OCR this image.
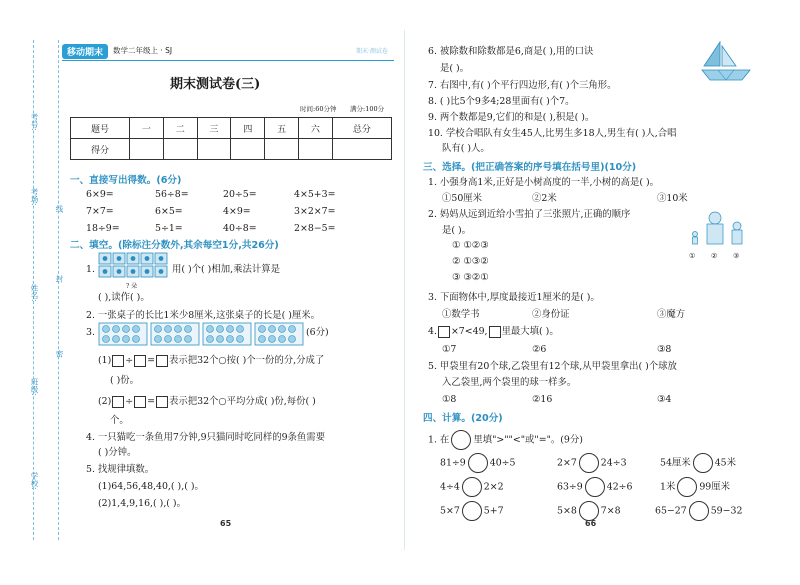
移动期末	数学二年级上 · SJ	期末·测试卷
考号:
考场:
姓名:
班级:
学校:
线
封
密
期末测试卷(三)
时间:60分钟 满分:100分
题号	一	二	三	四	五	六	总分
得分							
一、直接写出得数。(6分)
6×9=	56÷8=	20÷5=	4×5+3=
7×7=	6×5=	4×9=	3×2×7=
18÷9=	5÷1=	40÷8=	2×8−5=
二、填空。(除标注分数外,其余每空1分,共26分)
1.
? 朵
用( )个( )相加,乘法计算是
( ),读作( )。
2. 一张桌子的长比1米少8厘米,这张桌子的长是( )厘米。
3.	(6分)
(1) ÷ = 表示把32个○按( )个一份的分,分成了
( )份。
(2) ÷ = 表示把32个○平均分成( )份,每份( )
个。
4. 一只猫吃一条鱼用7分钟,9只猫同时吃同样的9条鱼需要
( )分钟。
5. 找规律填数。
(1)64,56,48,40,( ),( )。
(2)1,4,9,16,( ),( )。
65
6. 被除数和除数都是6,商是( ),用的口诀
是( )。
7. 右图中,有( )个平行四边形,有( )个三角形。
8. ( )比5个9多4;28里面有( )个7。
9. 两个数都是9,它们的和是( ),积是( )。
10. 学校合唱队有女生45人,比男生多18人,男生有( )人,合唱
队有( )人。
三、选择。(把正确答案的序号填在括号里)(10分)
1. 小强身高1米,正好是小树高度的一半,小树的高是( )。
①50厘米	②2米	③10米
2. 妈妈从远到近给小雪拍了三张照片,正确的顺序
是( )。
① ①②③
② ①③②
③ ③②①
① ② ③
3. 下面物体中,厚度最接近1厘米的是( )。
①数学书	②身份证	③魔方
4. ×7<49, 里最大填( )。
①7	②6	③8
5. 甲袋里有20个球,乙袋里有12个球,从甲袋里拿出( )个球放
入乙袋里,两个袋里的球一样多。
①8	②16	③4
四、计算。(20分)
1. 在	里填">""<"或"="。(9分)
81÷9	40÷5	2×7	24÷3	54厘米	45米
4÷4	2×2	63÷9	42÷6	1米	99厘米
5×7	5+7	5×8	7×8	65−27	59−32
66
